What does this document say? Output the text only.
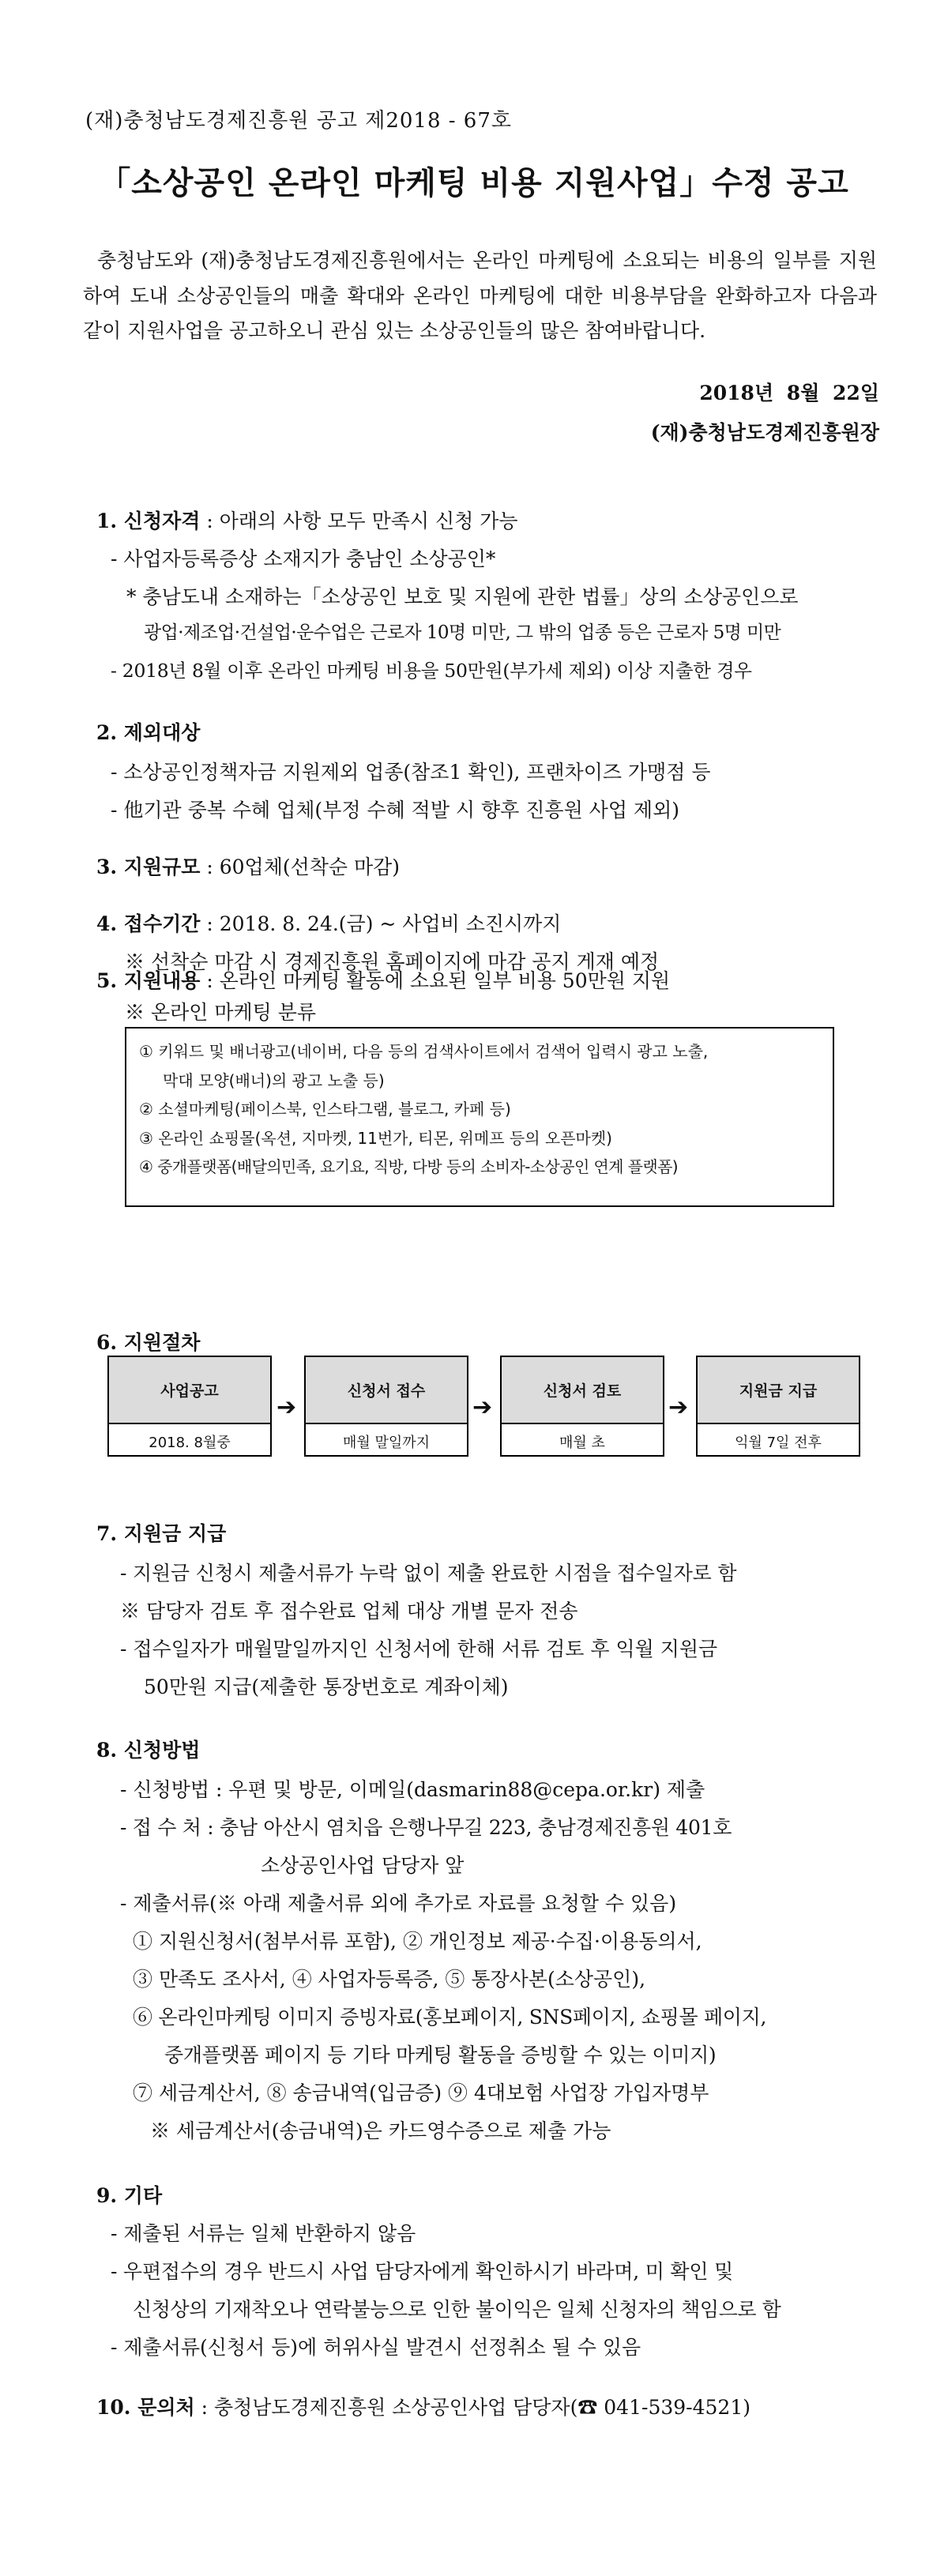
(재)충청남도경제진흥원 공고 제2018 - 67호
「소상공인 온라인 마케팅 비용 지원사업」수정 공고
충청남도와 (재)충청남도경제진흥원에서는 온라인 마케팅에 소요되는 비용의 일부를 지원하여 도내 소상공인들의 매출 확대와 온라인 마케팅에 대한 비용부담을 완화하고자 다음과 같이 지원사업을 공고하오니 관심 있는 소상공인들의 많은 참여바랍니다.
2018년 8월 22일
(재)충청남도경제진흥원장
1. 신청자격 : 아래의 사항 모두 만족시 신청 가능
- 사업자등록증상 소재지가 충남인 소상공인*
* 충남도내 소재하는「소상공인 보호 및 지원에 관한 법률」상의 소상공인으로
광업·제조업·건설업·운수업은 근로자 10명 미만, 그 밖의 업종 등은 근로자 5명 미만
- 2018년 8월 이후 온라인 마케팅 비용을 50만원(부가세 제외) 이상 지출한 경우
2. 제외대상
- 소상공인정책자금 지원제외 업종(참조1 확인), 프랜차이즈 가맹점 등
- 他기관 중복 수혜 업체(부정 수혜 적발 시 향후 진흥원 사업 제외)
3. 지원규모 : 60업체(선착순 마감)
4. 접수기간 : 2018. 8. 24.(금) ~ 사업비 소진시까지
※ 선착순 마감 시 경제진흥원 홈페이지에 마감 공지 게재 예정
5. 지원내용 : 온라인 마케팅 활동에 소요된 일부 비용 50만원 지원
※ 온라인 마케팅 분류
① 키워드 및 배너광고(네이버, 다음 등의 검색사이트에서 검색어 입력시 광고 노출,
막대 모양(배너)의 광고 노출 등)
② 소셜마케팅(페이스북, 인스타그램, 블로그, 카페 등)
③ 온라인 쇼핑몰(옥션, 지마켓, 11번가, 티몬, 위메프 등의 오픈마켓)
④ 중개플랫폼(배달의민족, 요기요, 직방, 다방 등의 소비자-소상공인 연계 플랫폼)
6. 지원절차
사업공고
2018. 8월중
➔
신청서 접수
매월 말일까지
➔
신청서 검토
매월 초
➔
지원금 지급
익월 7일 전후
7. 지원금 지급
- 지원금 신청시 제출서류가 누락 없이 제출 완료한 시점을 접수일자로 함
※ 담당자 검토 후 접수완료 업체 대상 개별 문자 전송
- 접수일자가 매월말일까지인 신청서에 한해 서류 검토 후 익월 지원금
50만원 지급(제출한 통장번호로 계좌이체)
8. 신청방법
- 신청방법 : 우편 및 방문, 이메일(dasmarin88@cepa.or.kr) 제출
- 접 수 처 : 충남 아산시 염치읍 은행나무길 223, 충남경제진흥원 401호
소상공인사업 담당자 앞
- 제출서류(※ 아래 제출서류 외에 추가로 자료를 요청할 수 있음)
① 지원신청서(첨부서류 포함), ② 개인정보 제공·수집·이용동의서,
③ 만족도 조사서, ④ 사업자등록증, ⑤ 통장사본(소상공인),
⑥ 온라인마케팅 이미지 증빙자료(홍보페이지, SNS페이지, 쇼핑몰 페이지,
중개플랫폼 페이지 등 기타 마케팅 활동을 증빙할 수 있는 이미지)
⑦ 세금계산서, ⑧ 송금내역(입금증) ⑨ 4대보험 사업장 가입자명부
※ 세금계산서(송금내역)은 카드영수증으로 제출 가능
9. 기타
- 제출된 서류는 일체 반환하지 않음
- 우편접수의 경우 반드시 사업 담당자에게 확인하시기 바라며, 미 확인 및
신청상의 기재착오나 연락불능으로 인한 불이익은 일체 신청자의 책임으로 함
- 제출서류(신청서 등)에 허위사실 발견시 선정취소 될 수 있음
10. 문의처 : 충청남도경제진흥원 소상공인사업 담당자(☎ 041-539-4521)
